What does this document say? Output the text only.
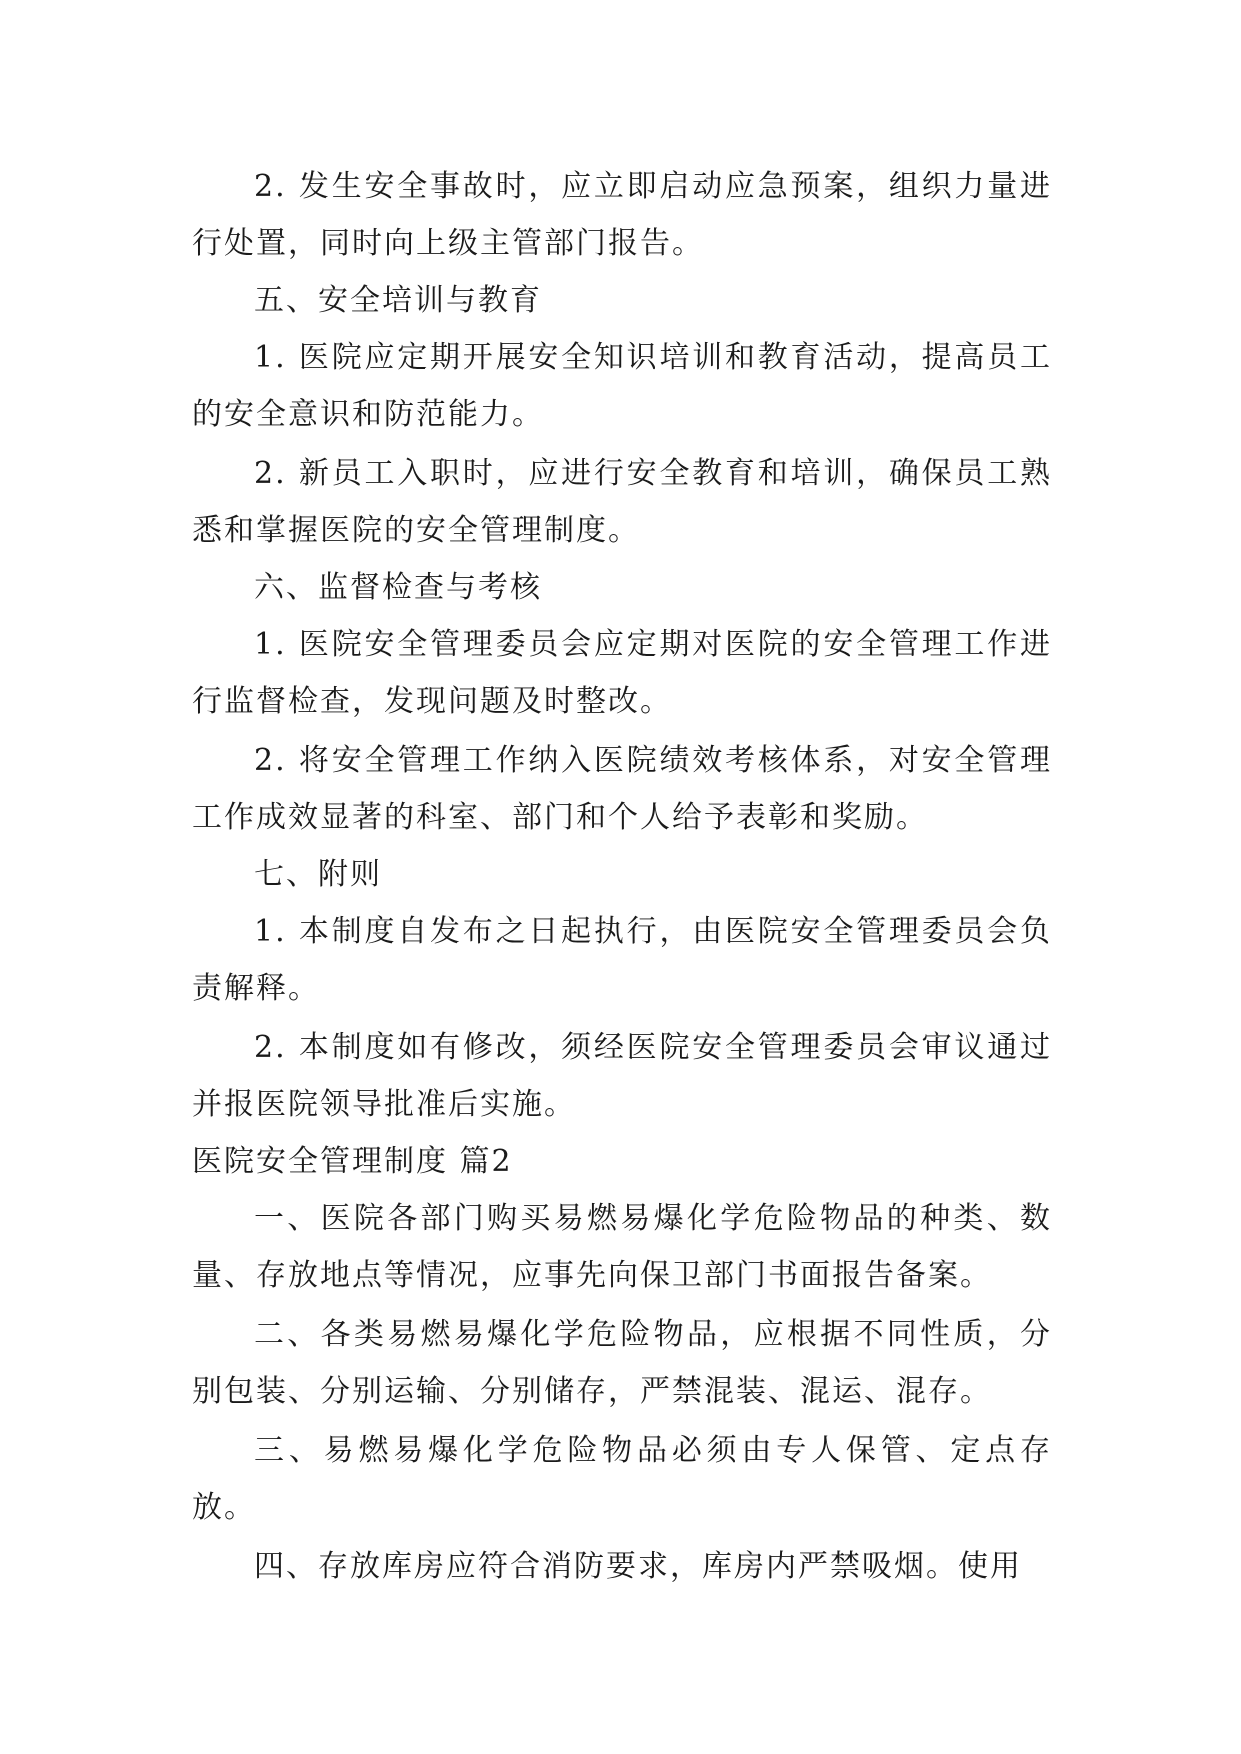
2. 发生安全事故时，应立即启动应急预案，组织力量进行处置，同时向上级主管部门报告。

五、安全培训与教育

1. 医院应定期开展安全知识培训和教育活动，提高员工的安全意识和防范能力。

2. 新员工入职时，应进行安全教育和培训，确保员工熟悉和掌握医院的安全管理制度。

六、监督检查与考核

1. 医院安全管理委员会应定期对医院的安全管理工作进行监督检查，发现问题及时整改。

2. 将安全管理工作纳入医院绩效考核体系，对安全管理工作成效显著的科室、部门和个人给予表彰和奖励。

七、附则

1. 本制度自发布之日起执行，由医院安全管理委员会负责解释。

2. 本制度如有修改，须经医院安全管理委员会审议通过并报医院领导批准后实施。

医院安全管理制度 篇2

一、医院各部门购买易燃易爆化学危险物品的种类、数量、存放地点等情况，应事先向保卫部门书面报告备案。

二、各类易燃易爆化学危险物品，应根据不同性质，分别包装、分别运输、分别储存，严禁混装、混运、混存。

三、易燃易爆化学危险物品必须由专人保管、定点存放。

四、存放库房应符合消防要求，库房内严禁吸烟。使用
